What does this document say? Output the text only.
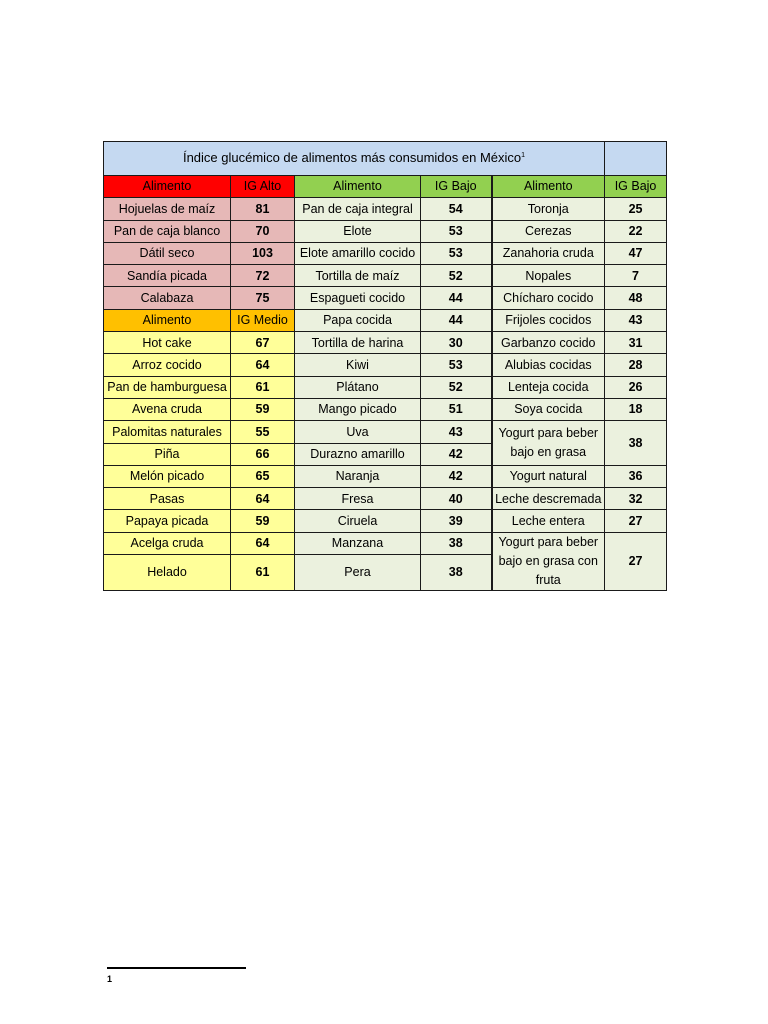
Índice glucémico de alimentos más consumidos en México$^1$	
Alimento	IG Alto	Alimento	IG Bajo	Alimento	IG Bajo
Hojuelas de maíz	81	Pan de caja integral	54	Toronja	25
Pan de caja blanco	70	Elote	53	Cerezas	22
Dátil seco	103	Elote amarillo cocido	53	Zanahoria cruda	47
Sandía picada	72	Tortilla de maíz	52	Nopales	7
Calabaza	75	Espagueti cocido	44	Chícharo cocido	48
Alimento	IG Medio	Papa cocida	44	Frijoles cocidos	43
Hot cake	67	Tortilla de harina	30	Garbanzo cocido	31
Arroz cocido	64	Kiwi	53	Alubias cocidas	28
Pan de hamburguesa	61	Plátano	52	Lenteja cocida	26
Avena cruda	59	Mango picado	51	Soya cocida	18
Palomitas naturales	55	Uva	43	Yogurt para beber bajo en grasa	38
Piña	66	Durazno amarillo	42		
Melón picado	65	Naranja	42	Yogurt natural	36
Pasas	64	Fresa	40	Leche descremada	32
Papaya picada	59	Ciruela	39	Leche entera	27
Acelga cruda	64	Manzana	38	Yogurt para beber bajo en grasa con fruta	27
Helado	61	Pera	38		

1
